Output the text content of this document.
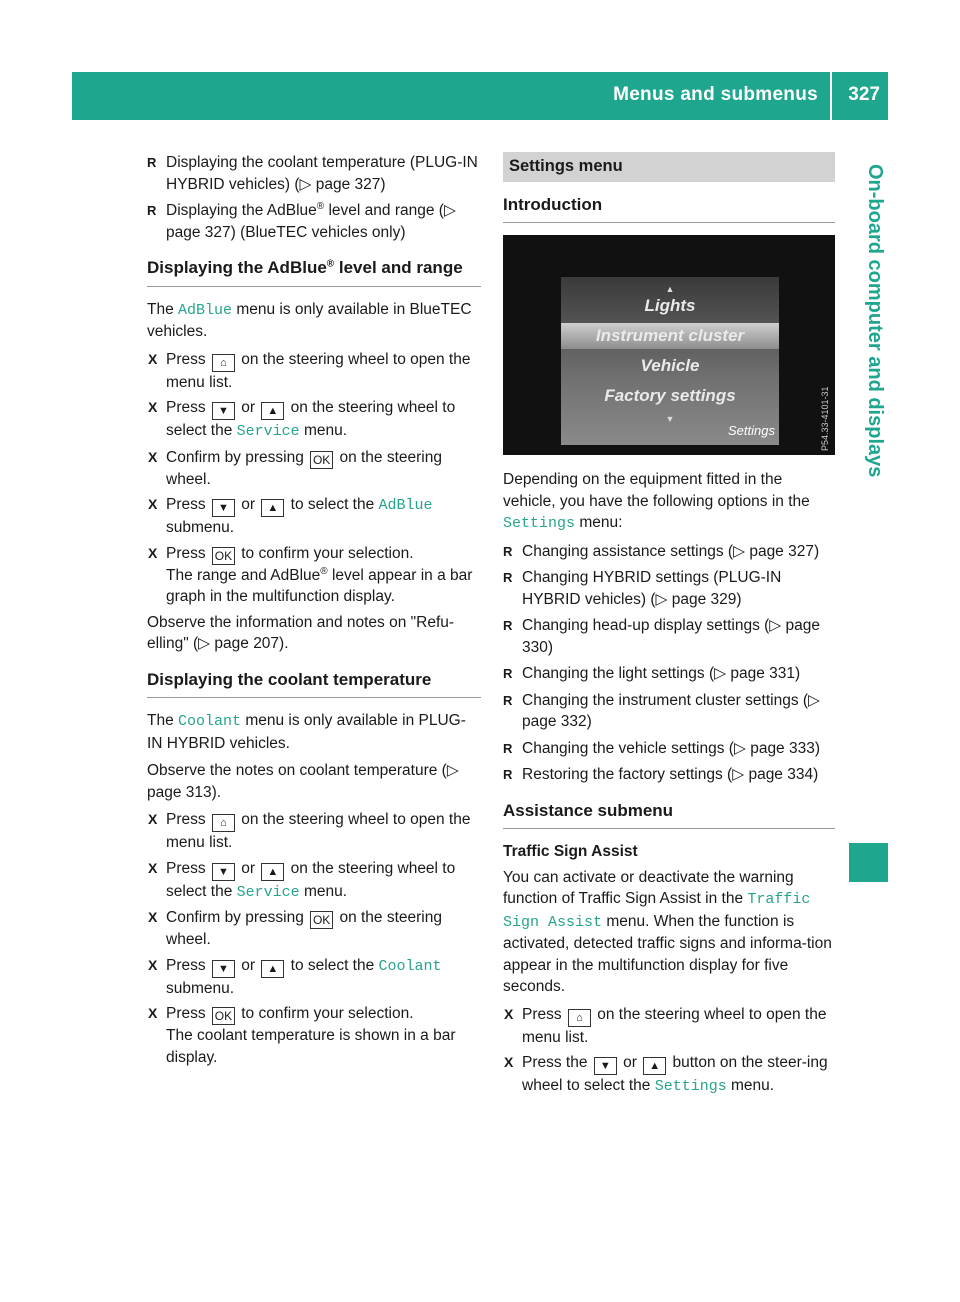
Menus and submenus 327
On-board computer and displays
R Displaying the coolant temperature (PLUG-IN HYBRID vehicles) (▷ page 327)
R Displaying the AdBlue® level and range (▷ page 327) (BlueTEC vehicles only)
Displaying the AdBlue® level and range

The AdBlue menu is only available in BlueTEC vehicles.

X Press ⌂ on the steering wheel to open the menu list.
X Press ▼ or ▲ on the steering wheel to select the Service menu.
X Confirm by pressing OK on the steering wheel.
X Press ▼ or ▲ to select the AdBlue submenu.
X Press OK to confirm your selection.
The range and AdBlue® level appear in a bar graph in the multifunction display.

Observe the information and notes on "Refu-elling" (▷ page 207).

Displaying the coolant temperature

The Coolant menu is only available in PLUG-IN HYBRID vehicles.

Observe the notes on coolant temperature (▷ page 313).

X Press ⌂ on the steering wheel to open the menu list.
X Press ▼ or ▲ on the steering wheel to select the Service menu.
X Confirm by pressing OK on the steering wheel.
X Press ▼ or ▲ to select the Coolant submenu.
X Press OK to confirm your selection.
The coolant temperature is shown in a bar display.
Settings menu
Introduction
▲
Lights
Instrument cluster
Vehicle
Factory settings
▼
Settings	P54.33-4101-31

Depending on the equipment fitted in the vehicle, you have the following options in the Settings menu:

R Changing assistance settings (▷ page 327)
R Changing HYBRID settings (PLUG-IN HYBRID vehicles) (▷ page 329)
R Changing head-up display settings (▷ page 330)
R Changing the light settings (▷ page 331)
R Changing the instrument cluster settings (▷ page 332)
R Changing the vehicle settings (▷ page 333)
R Restoring the factory settings (▷ page 334)
Assistance submenu
Traffic Sign Assist

You can activate or deactivate the warning function of Traffic Sign Assist in the Traffic Sign Assist menu. When the function is activated, detected traffic signs and informa-tion appear in the multifunction display for five seconds.

X Press ⌂ on the steering wheel to open the menu list.
X Press the ▼ or ▲ button on the steer-ing wheel to select the Settings menu.
